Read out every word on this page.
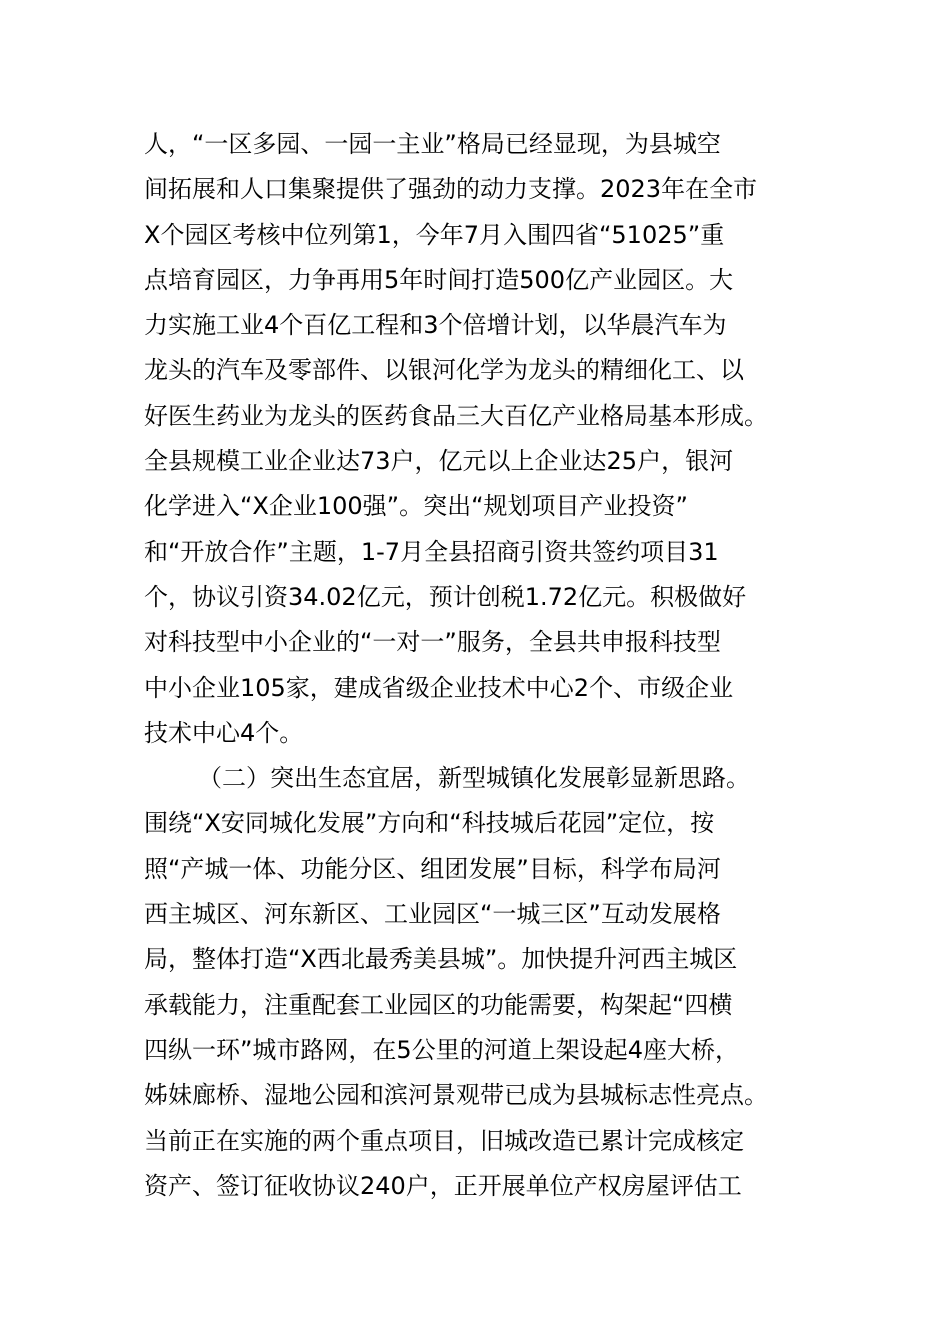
人，“一区多园、一园一主业”格局已经显现，为县城空
间拓展和人口集聚提供了强劲的动力支撑。2023年在全市
X个园区考核中位列第1，今年7月入围四省“51025”重
点培育园区，力争再用5年时间打造500亿产业园区。大
力实施工业4个百亿工程和3个倍增计划，以华晨汽车为
龙头的汽车及零部件、以银河化学为龙头的精细化工、以
好医生药业为龙头的医药食品三大百亿产业格局基本形成。
全县规模工业企业达73户，亿元以上企业达25户，银河
化学进入“X企业100强”。突出“规划项目产业投资”
和“开放合作”主题，1-7月全县招商引资共签约项目31
个，协议引资34.02亿元，预计创税1.72亿元。积极做好
对科技型中小企业的“一对一”服务，全县共申报科技型
中小企业105家，建成省级企业技术中心2个、市级企业
技术中心4个。
（二）突出生态宜居，新型城镇化发展彰显新思路。
围绕“X安同城化发展”方向和“科技城后花园”定位，按
照“产城一体、功能分区、组团发展”目标，科学布局河
西主城区、河东新区、工业园区“一城三区”互动发展格
局，整体打造“X西北最秀美县城”。加快提升河西主城区
承载能力，注重配套工业园区的功能需要，构架起“四横
四纵一环”城市路网，在5公里的河道上架设起4座大桥，
姊妹廊桥、湿地公园和滨河景观带已成为县城标志性亮点。
当前正在实施的两个重点项目，旧城改造已累计完成核定
资产、签订征收协议240户，正开展单位产权房屋评估工
